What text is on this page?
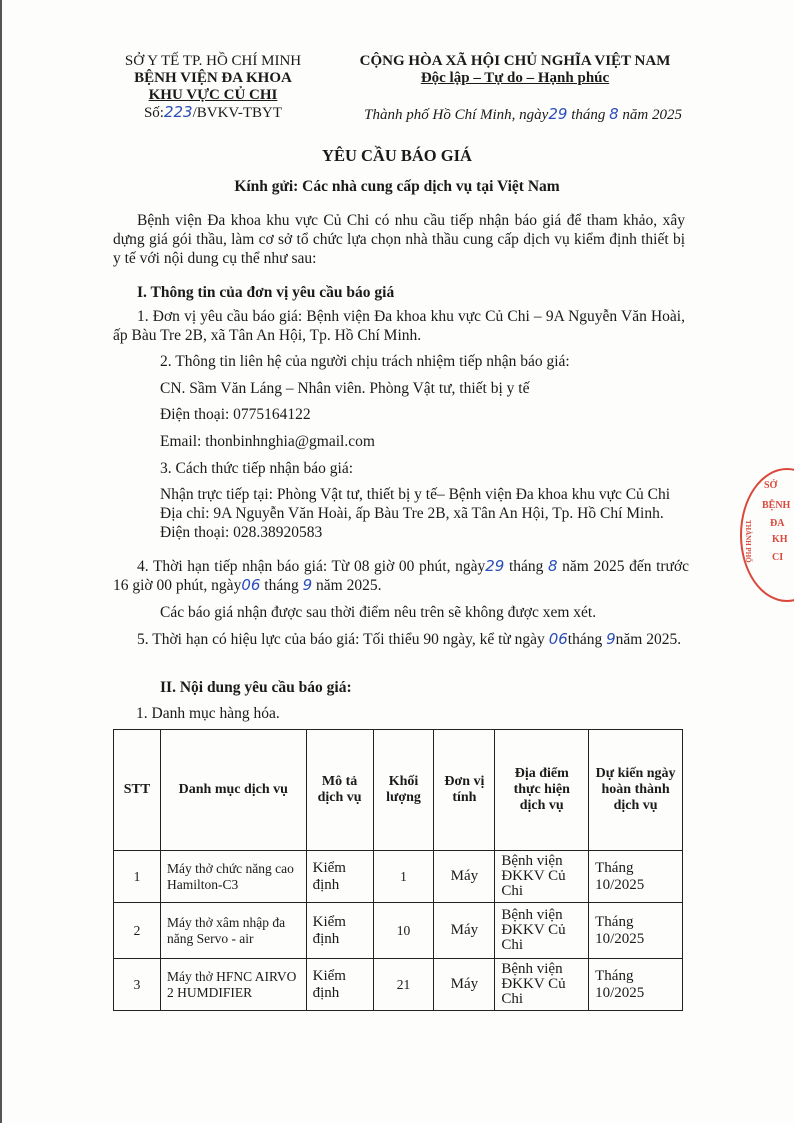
SỞ Y TẾ TP. HỒ CHÍ MINH
BỆNH VIỆN ĐA KHOA
KHU VỰC CỦ CHI
Số:223/BVKV-TBYT
CỘNG HÒA XÃ HỘI CHỦ NGHĨA VIỆT NAM
Độc lập – Tự do – Hạnh phúc
Thành phố Hồ Chí Minh, ngày29 tháng 8 năm 2025
YÊU CẦU BÁO GIÁ
Kính gửi: Các nhà cung cấp dịch vụ tại Việt Nam
Bệnh viện Đa khoa khu vực Củ Chi có nhu cầu tiếp nhận báo giá để tham khảo, xây dựng giá gói thầu, làm cơ sở tổ chức lựa chọn nhà thầu cung cấp dịch vụ kiểm định thiết bị y tế với nội dung cụ thể như sau:
I. Thông tin của đơn vị yêu cầu báo giá
1. Đơn vị yêu cầu báo giá: Bệnh viện Đa khoa khu vực Củ Chi – 9A Nguyễn Văn Hoài, ấp Bàu Tre 2B, xã Tân An Hội, Tp. Hồ Chí Minh.
2. Thông tin liên hệ của người chịu trách nhiệm tiếp nhận báo giá:
CN. Sầm Văn Láng – Nhân viên. Phòng Vật tư, thiết bị y tế
Điện thoại: 0775164122
Email: thonbinhnghia@gmail.com
3. Cách thức tiếp nhận báo giá:
Nhận trực tiếp tại: Phòng Vật tư, thiết bị y tế– Bệnh viện Đa khoa khu vực Củ Chi
Địa chỉ: 9A Nguyễn Văn Hoài, ấp Bàu Tre 2B, xã Tân An Hội, Tp. Hồ Chí Minh.
Điện thoại: 028.38920583
4. Thời hạn tiếp nhận báo giá: Từ 08 giờ 00 phút, ngày29 tháng 8 năm 2025 đến trước 16 giờ 00 phút, ngày06 tháng 9 năm 2025.
Các báo giá nhận được sau thời điểm nêu trên sẽ không được xem xét.
5. Thời hạn có hiệu lực của báo giá: Tối thiểu 90 ngày, kể từ ngày 06tháng 9năm 2025.
II. Nội dung yêu cầu báo giá:
1. Danh mục hàng hóa.
STT	Danh mục dịch vụ	Mô tả dịch vụ	Khối lượng	Đơn vị tính	Địa điểm thực hiện dịch vụ	Dự kiến ngày hoàn thành dịch vụ
1	Máy thở chức năng cao Hamilton-C3	Kiểm định	1	Máy	Bệnh viện ĐKKV Củ Chi	Tháng 10/2025
2	Máy thở xâm nhập đa năng Servo - air	Kiểm định	10	Máy	Bệnh viện ĐKKV Củ Chi	Tháng 10/2025
3	Máy thở HFNC AIRVO 2 HUMDIFIER	Kiểm định	21	Máy	Bệnh viện ĐKKV Củ Chi	Tháng 10/2025
SỞ
BỆNH
ĐA
KH
CI
THÀNH PHỐ
